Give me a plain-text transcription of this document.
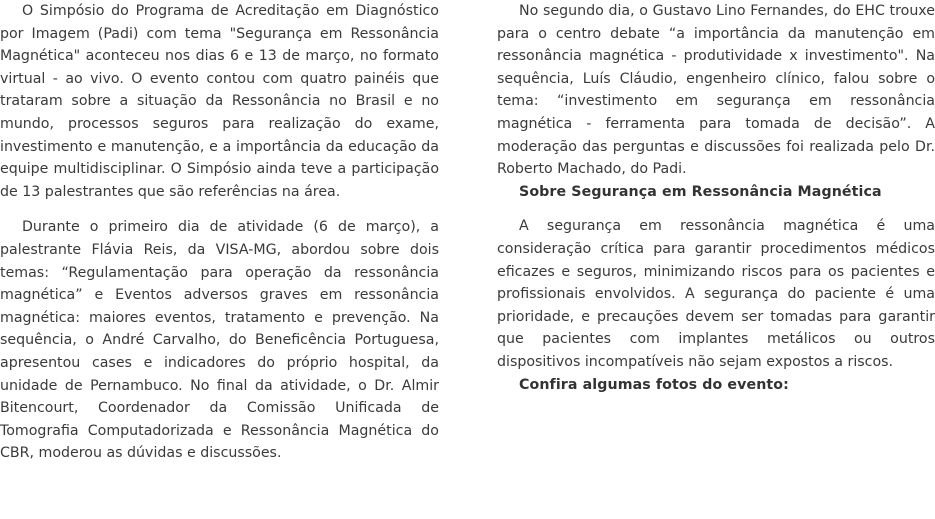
O Simpósio do Programa de Acreditação em Diagnóstico por Imagem (Padi) com tema "Segurança em Ressonância Magnética" aconteceu nos dias 6 e 13 de março, no formato virtual - ao vivo. O evento contou com quatro painéis que trataram sobre a situação da Ressonância no Brasil e no mundo, processos seguros para realização do exame, investimento e manutenção, e a importância da educação da equipe multidisciplinar. O Simpósio ainda teve a participação de 13 palestrantes que são referências na área.

Durante o primeiro dia de atividade (6 de março), a palestrante Flávia Reis, da VISA-MG, abordou sobre dois temas: “Regulamentação para operação da ressonância magnética” e Eventos adversos graves em ressonância magnética: maiores eventos, tratamento e prevenção. Na sequência, o André Carvalho, do Beneficência Portuguesa, apresentou cases e indicadores do próprio hospital, da unidade de Pernambuco. No final da atividade, o Dr. Almir Bitencourt, Coordenador da Comissão Unificada de Tomografia Computadorizada e Ressonância Magnética do CBR, moderou as dúvidas e discussões.

No segundo dia, o Gustavo Lino Fernandes, do EHC trouxe para o centro debate “a importância da manutenção em ressonância magnética - produtividade x investimento". Na sequência, Luís Cláudio, engenheiro clínico, falou sobre o tema: “investimento em segurança em ressonância magnética - ferramenta para tomada de decisão”. A moderação das perguntas e discussões foi realizada pelo Dr. Roberto Machado, do Padi.

Sobre Segurança em Ressonância Magnética

A segurança em ressonância magnética é uma consideração crítica para garantir procedimentos médicos eficazes e seguros, minimizando riscos para os pacientes e profissionais envolvidos. A segurança do paciente é uma prioridade, e precauções devem ser tomadas para garantir que pacientes com implantes metálicos ou outros dispositivos incompatíveis não sejam expostos a riscos.

Confira algumas fotos do evento:
